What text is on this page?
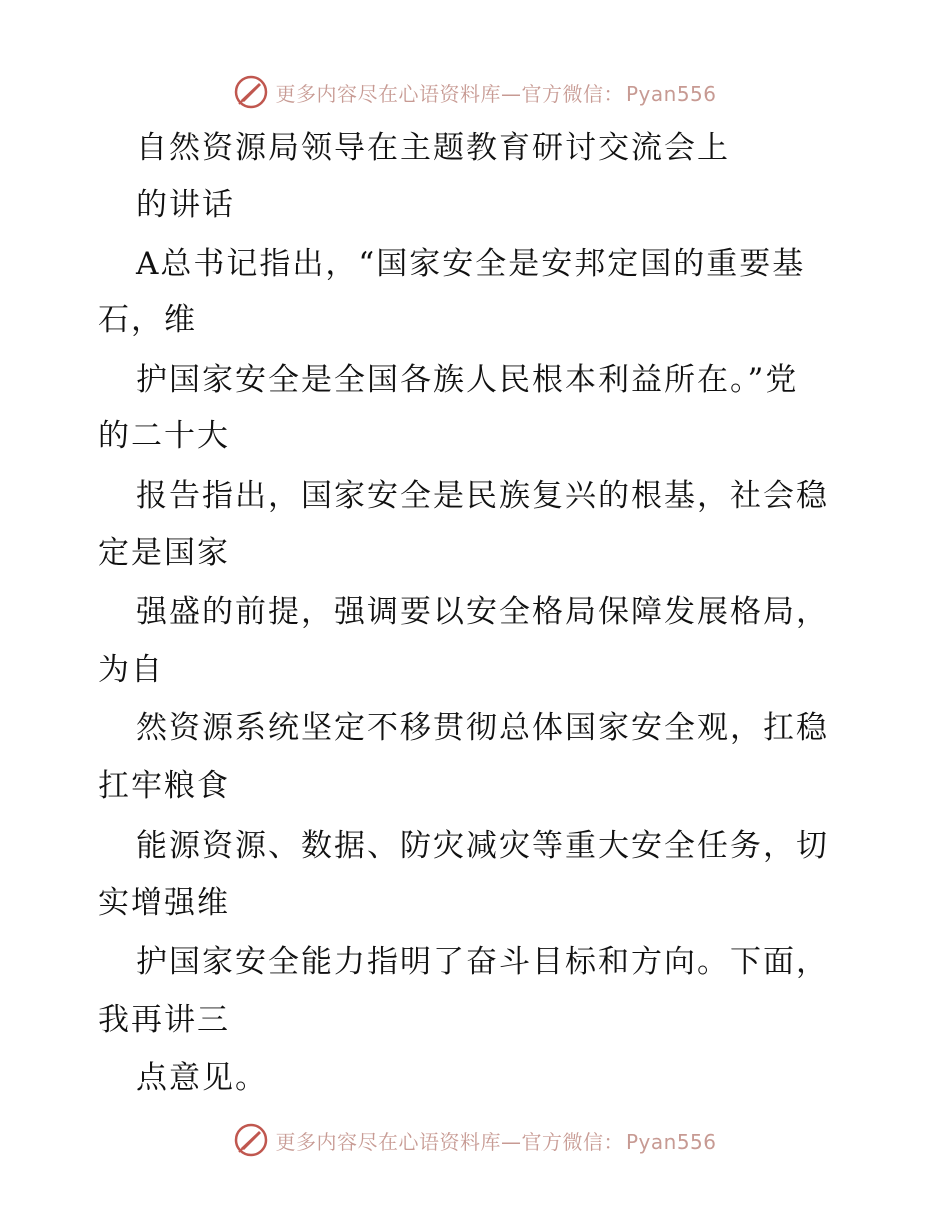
更多内容尽在心语资料库—官方微信： Pyan556
自然资源局领导在主题教育研讨交流会上
的讲话
A总书记指出，“国家安全是安邦定国的重要基
石，维
护国家安全是全国各族人民根本利益所在。”党
的二十大
报告指出，国家安全是民族复兴的根基，社会稳
定是国家
强盛的前提，强调要以安全格局保障发展格局，
为自
然资源系统坚定不移贯彻总体国家安全观，扛稳
扛牢粮食
能源资源、数据、防灾减灾等重大安全任务，切
实增强维
护国家安全能力指明了奋斗目标和方向。下面，
我再讲三
点意见。
更多内容尽在心语资料库—官方微信： Pyan556
